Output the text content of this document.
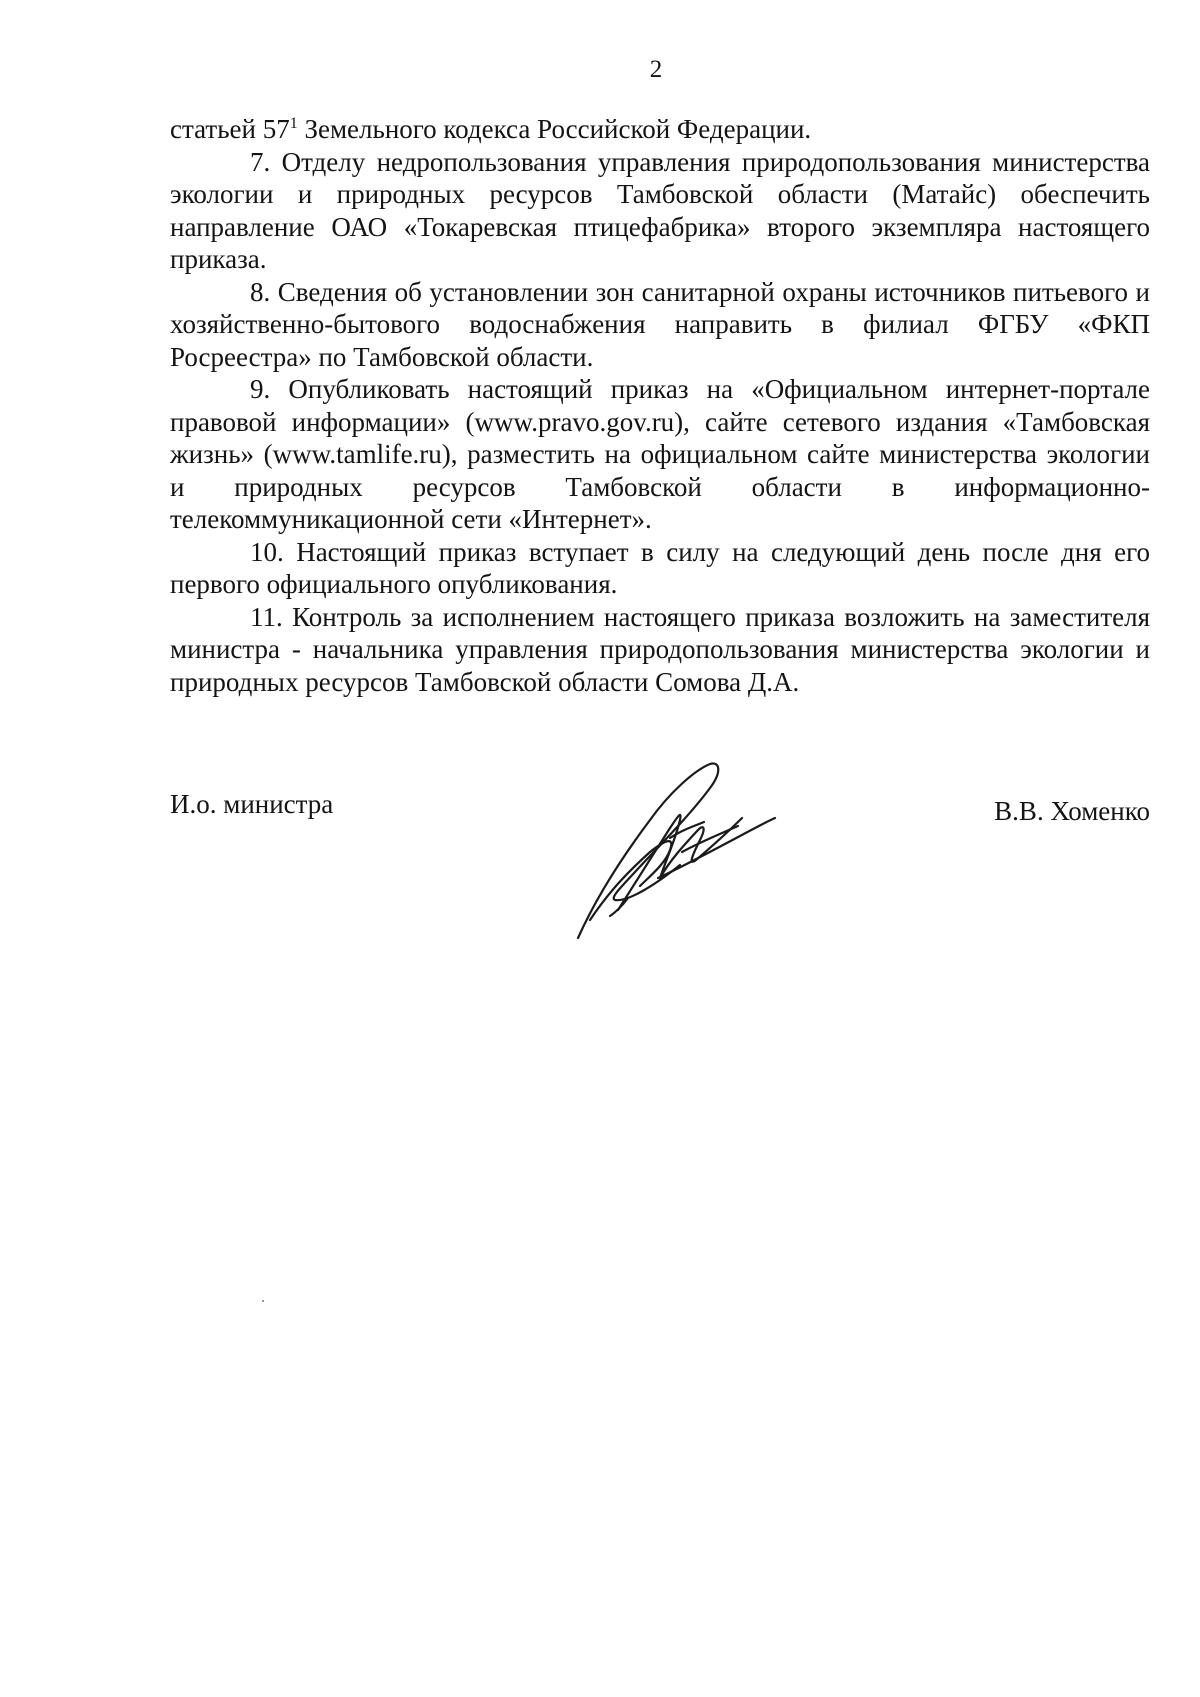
2

статьей $57^1$ Земельного кодекса Российской Федерации.

7. Отделу недропользования управления природопользования министерства экологии и природных ресурсов Тамбовской области (Матайс) обеспечить направление ОАО «Токаревская птицефабрика» второго экземпляра настоящего приказа.

8. Сведения об установлении зон санитарной охраны источников питьевого и хозяйственно-бытового водоснабжения направить в филиал ФГБУ «ФКП Росреестра» по Тамбовской области.

9. Опубликовать настоящий приказ на «Официальном интернет-портале правовой информации» (www.pravo.gov.ru), сайте сетевого издания «Тамбовская жизнь» (www.tamlife.ru), разместить на официальном сайте министерства экологии и природных ресурсов Тамбовской области в информационно-телекоммуникационной сети «Интернет».

10. Настоящий приказ вступает в силу на следующий день после дня его первого официального опубликования.

11. Контроль за исполнением настоящего приказа возложить на заместителя министра - начальника управления природопользования министерства экологии и природных ресурсов Тамбовской области Сомова Д.А.

И.о. министра	В.В. Хоменко
